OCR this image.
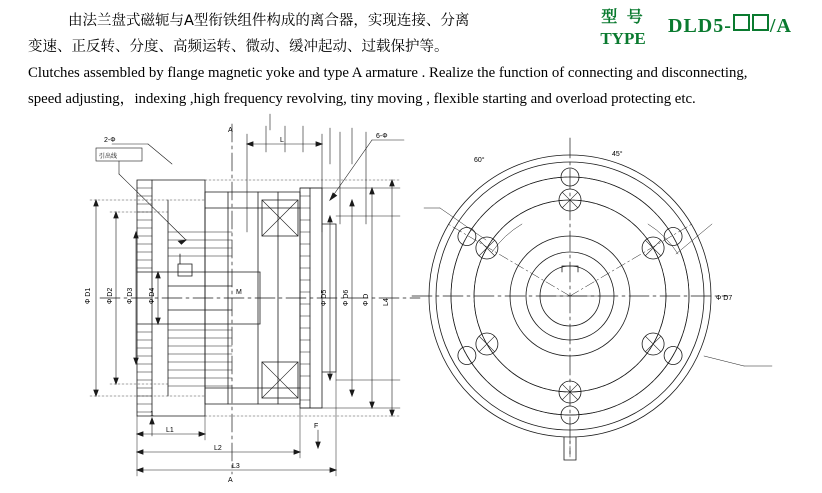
由法兰盘式磁轭与A型衔铁组件构成的离合器，实现连接、分离
变速、正反转、分度、高频运转、微动、缓冲起动、过载保护等。
Clutches assembled by flange magnetic yoke and type A armature . Realize the function of connecting and disconnecting,
speed adjusting，indexing ,high frequency revolving, tiny moving , flexible starting and overload protecting etc.
型 号
TYPE
DLD5- /A
2-Ф
引出线
6-Ф
A
A
1
F
Ф D1 Ф D2 Ф D3 Ф D4	Ф D5 Ф D6 Ф D L4
L1
L2
L3
L
M
45°
60°
Ф D7
